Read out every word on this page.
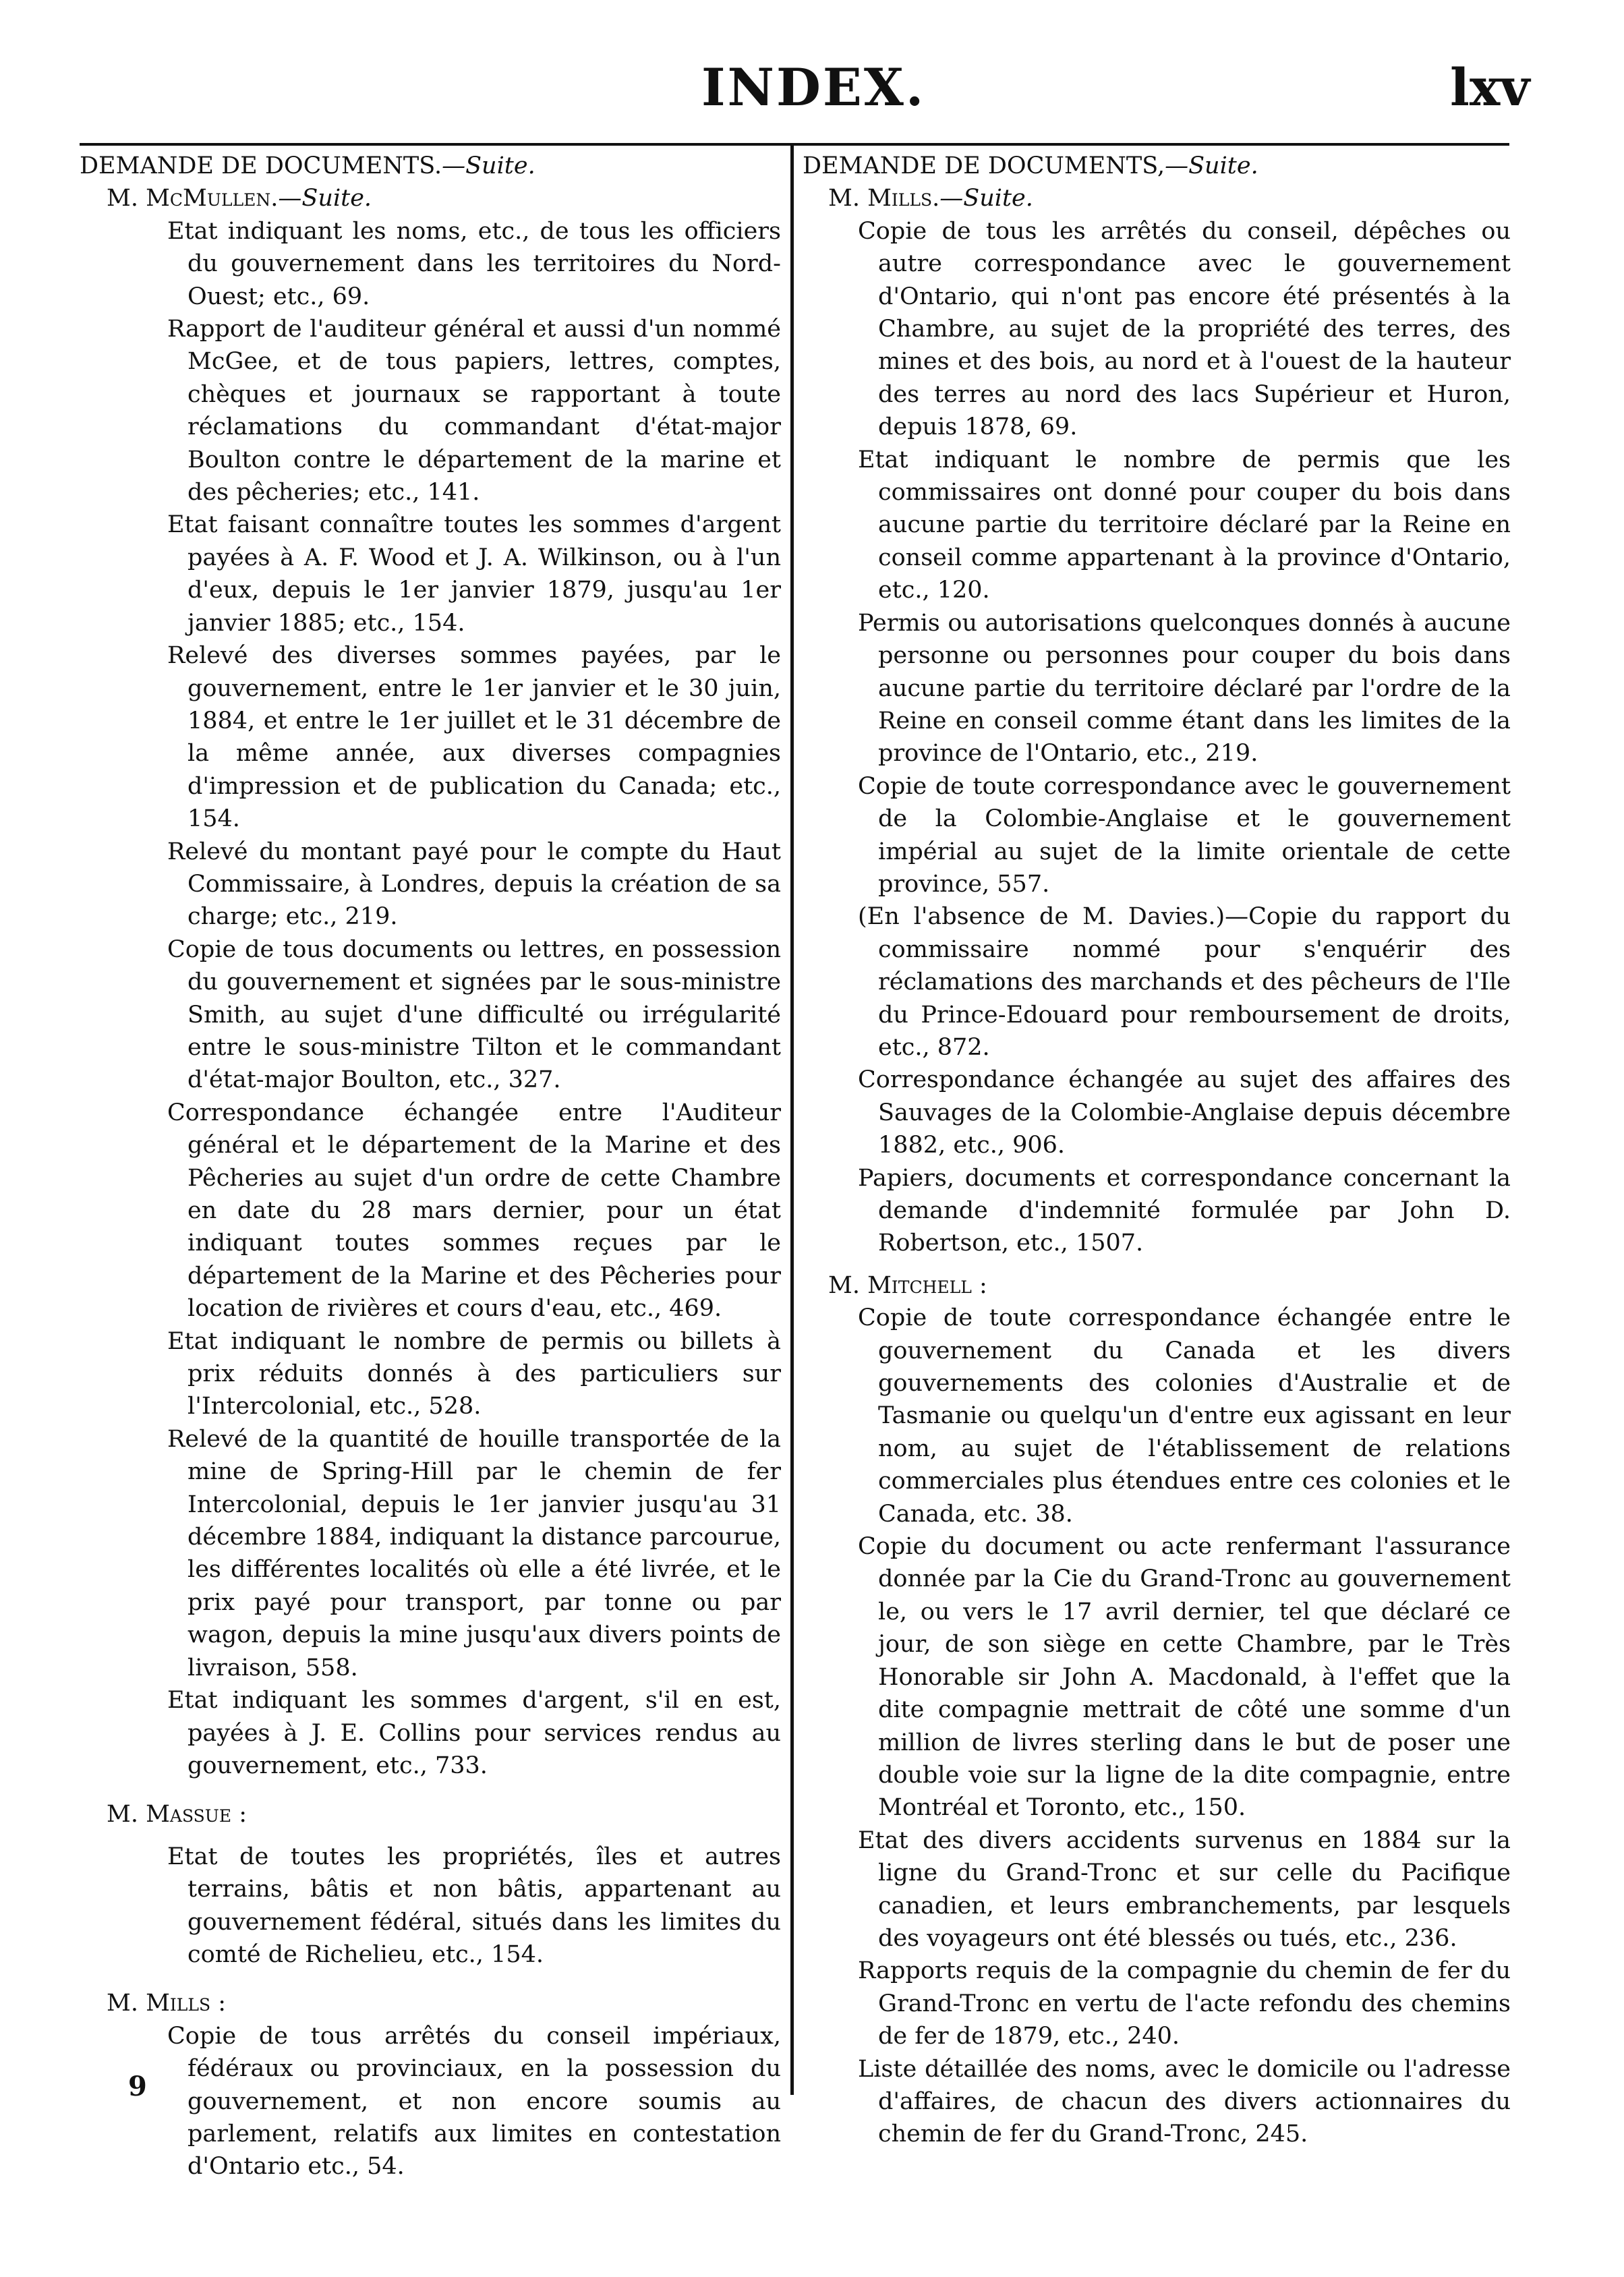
INDEX.	lxv

DEMANDE DE DOCUMENTS.—Suite.

M. McMullen.—Suite.

Etat indiquant les noms, etc., de tous les officiers du gouvernement dans les territoires du Nord-Ouest; etc., 69.

Rapport de l'auditeur général et aussi d'un nommé McGee, et de tous papiers, lettres, comptes, chèques et journaux se rapportant à toute réclamations du commandant d'état-major Boulton contre le département de la marine et des pêcheries; etc., 141.

Etat faisant connaître toutes les sommes d'argent payées à A. F. Wood et J. A. Wilkinson, ou à l'un d'eux, depuis le 1er janvier 1879, jusqu'au 1er janvier 1885; etc., 154.

Relevé des diverses sommes payées, par le gouvernement, entre le 1er janvier et le 30 juin, 1884, et entre le 1er juillet et le 31 décembre de la même année, aux diverses compagnies d'impression et de publication du Canada; etc., 154.

Relevé du montant payé pour le compte du Haut Commissaire, à Londres, depuis la création de sa charge; etc., 219.

Copie de tous documents ou lettres, en possession du gouvernement et signées par le sous-ministre Smith, au sujet d'une difficulté ou irrégularité entre le sous-ministre Tilton et le commandant d'état-major Boulton, etc., 327.

Correspondance échangée entre l'Auditeur général et le département de la Marine et des Pêcheries au sujet d'un ordre de cette Chambre en date du 28 mars dernier, pour un état indiquant toutes sommes reçues par le département de la Marine et des Pêcheries pour location de rivières et cours d'eau, etc., 469.

Etat indiquant le nombre de permis ou billets à prix réduits donnés à des particuliers sur l'Intercolonial, etc., 528.

Relevé de la quantité de houille transportée de la mine de Spring-Hill par le chemin de fer Intercolonial, depuis le 1er janvier jusqu'au 31 décembre 1884, indiquant la distance parcourue, les différentes localités où elle a été livrée, et le prix payé pour transport, par tonne ou par wagon, depuis la mine jusqu'aux divers points de livraison, 558.

Etat indiquant les sommes d'argent, s'il en est, payées à J. E. Collins pour services rendus au gouvernement, etc., 733.

M. Massue :

Etat de toutes les propriétés, îles et autres terrains, bâtis et non bâtis, appartenant au gouvernement fédéral, situés dans les limites du comté de Richelieu, etc., 154.

M. Mills :

Copie de tous arrêtés du conseil impériaux, fédéraux ou provinciaux, en la possession du gouvernement, et non encore soumis au parlement, relatifs aux limites en contestation d'Ontario etc., 54.

9

DEMANDE DE DOCUMENTS,—Suite.

M. Mills.—Suite.

Copie de tous les arrêtés du conseil, dépêches ou autre correspondance avec le gouvernement d'Ontario, qui n'ont pas encore été présentés à la Chambre, au sujet de la propriété des terres, des mines et des bois, au nord et à l'ouest de la hauteur des terres au nord des lacs Supérieur et Huron, depuis 1878, 69.

Etat indiquant le nombre de permis que les commissaires ont donné pour couper du bois dans aucune partie du territoire déclaré par la Reine en conseil comme appartenant à la province d'Ontario, etc., 120.

Permis ou autorisations quelconques donnés à aucune personne ou personnes pour couper du bois dans aucune partie du territoire déclaré par l'ordre de la Reine en conseil comme étant dans les limites de la province de l'Ontario, etc., 219.

Copie de toute correspondance avec le gouvernement de la Colombie-Anglaise et le gouvernement impérial au sujet de la limite orientale de cette province, 557.

(En l'absence de M. Davies.)—Copie du rapport du commissaire nommé pour s'enquérir des réclamations des marchands et des pêcheurs de l'Ile du Prince-Edouard pour remboursement de droits, etc., 872.

Correspondance échangée au sujet des affaires des Sauvages de la Colombie-Anglaise depuis décembre 1882, etc., 906.

Papiers, documents et correspondance concernant la demande d'indemnité formulée par John D. Robertson, etc., 1507.

M. Mitchell :

Copie de toute correspondance échangée entre le gouvernement du Canada et les divers gouvernements des colonies d'Australie et de Tasmanie ou quelqu'un d'entre eux agissant en leur nom, au sujet de l'établissement de relations commerciales plus étendues entre ces colonies et le Canada, etc. 38.

Copie du document ou acte renfermant l'assurance donnée par la Cie du Grand-Tronc au gouvernement le, ou vers le 17 avril dernier, tel que déclaré ce jour, de son siège en cette Chambre, par le Très Honorable sir John A. Macdonald, à l'effet que la dite compagnie mettrait de côté une somme d'un million de livres sterling dans le but de poser une double voie sur la ligne de la dite compagnie, entre Montréal et Toronto, etc., 150.

Etat des divers accidents survenus en 1884 sur la ligne du Grand-Tronc et sur celle du Pacifique canadien, et leurs embranchements, par lesquels des voyageurs ont été blessés ou tués, etc., 236.

Rapports requis de la compagnie du chemin de fer du Grand-Tronc en vertu de l'acte refondu des chemins de fer de 1879, etc., 240.

Liste détaillée des noms, avec le domicile ou l'adresse d'affaires, de chacun des divers actionnaires du chemin de fer du Grand-Tronc, 245.
